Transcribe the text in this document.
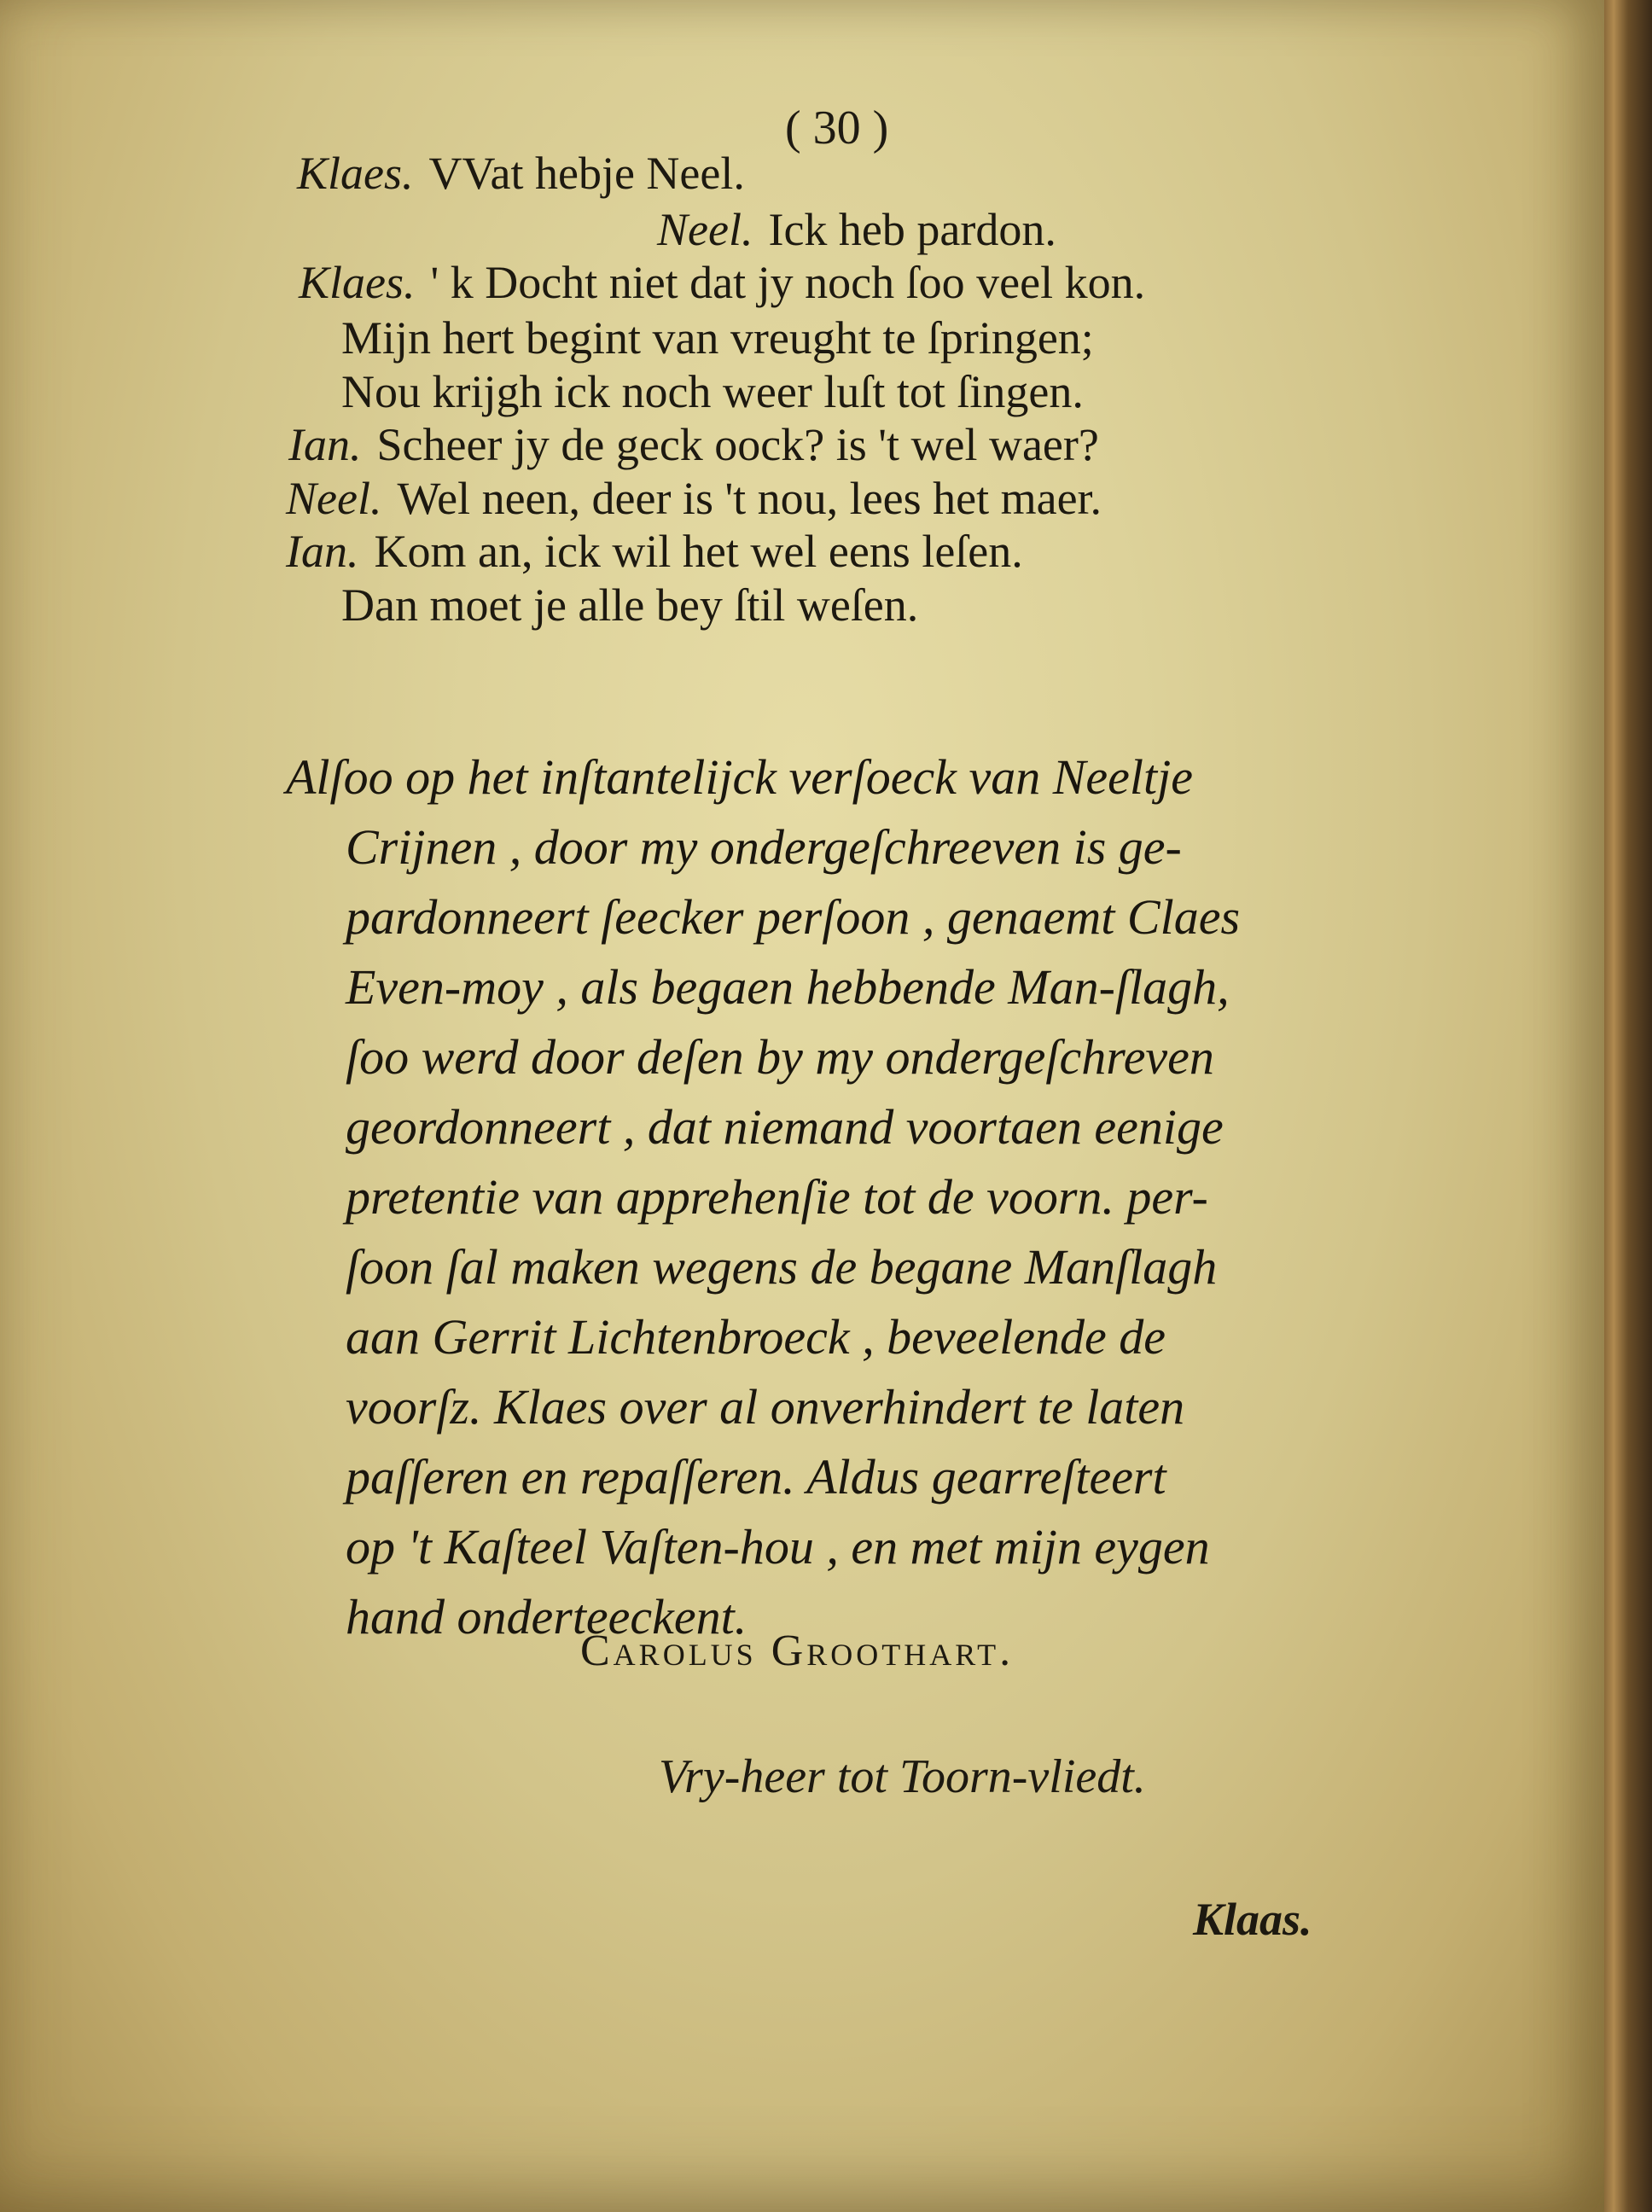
( 30 )
Klaes. VVat hebje Neel.
Neel. Ick heb pardon.
Klaes. ' k Docht niet dat jy noch ſoo veel kon.
Mijn hert begint van vreught te ſpringen;
Nou krijgh ick noch weer luſt tot ſingen.
Ian. Scheer jy de geck oock? is 't wel waer?
Neel. Wel neen, deer is 't nou, lees het maer.
Ian. Kom an, ick wil het wel eens leſen.
Dan moet je alle bey ſtil weſen.
Alſoo op het inſtantelijck verſoeck van Neeltje
Crijnen , door my ondergeſchreeven is ge-
pardonneert ſeecker perſoon , genaemt Claes
Even-moy , als begaen hebbende Man-ſlagh,
ſoo werd door deſen by my ondergeſchreven
geordonneert , dat niemand voortaen eenige
pretentie van apprehenſie tot de voorn. per-
ſoon ſal maken wegens de begane Manſlagh
aan Gerrit Lichtenbroeck , beveelende de
voorſz. Klaes over al onverhindert te laten
paſſeren en repaſſeren. Aldus gearreſteert
op 't Kaſteel Vaſten-hou , en met mijn eygen
hand onderteeckent.
Carolus Groothart.
Vry-heer tot Toorn-vliedt.
Klaas.
